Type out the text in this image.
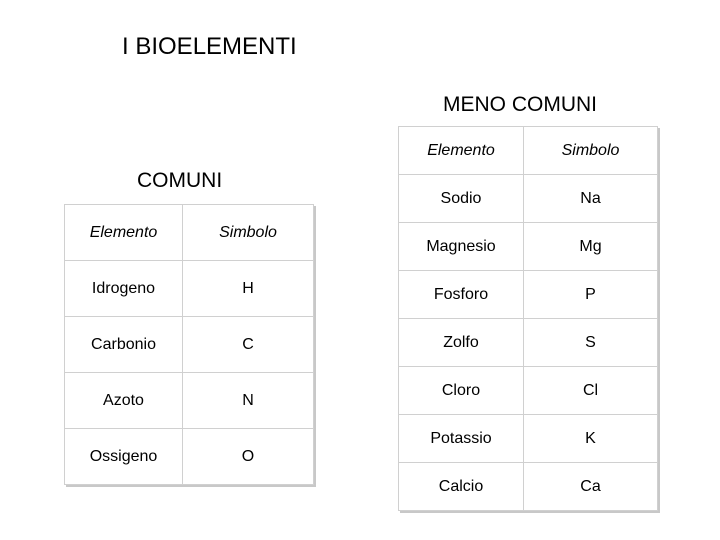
I BIOELEMENTI
MENO COMUNI
Elemento	Simbolo
Sodio	Na
Magnesio	Mg
Fosforo	P
Zolfo	S
Cloro	Cl
Potassio	K
Calcio	Ca
COMUNI
Elemento	Simbolo
Idrogeno	H
Carbonio	C
Azoto	N
Ossigeno	O
